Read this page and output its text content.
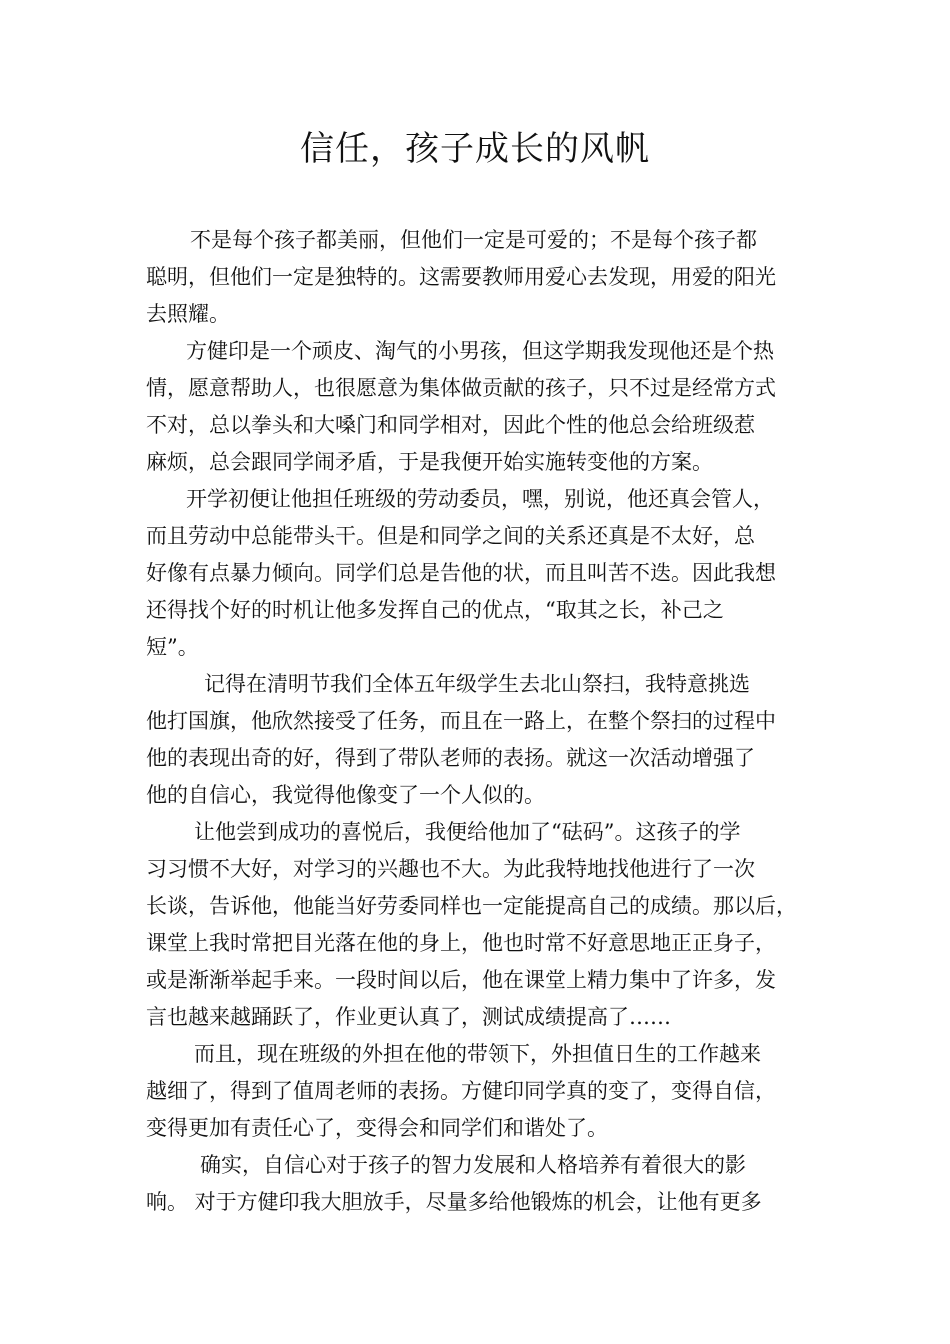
信任，孩子成长的风帆
不是每个孩子都美丽，但他们一定是可爱的；不是每个孩子都
聪明，但他们一定是独特的。这需要教师用爱心去发现，用爱的阳光
去照耀。
方健印是一个顽皮、淘气的小男孩，但这学期我发现他还是个热
情，愿意帮助人，也很愿意为集体做贡献的孩子，只不过是经常方式
不对，总以拳头和大嗓门和同学相对，因此个性的他总会给班级惹
麻烦，总会跟同学闹矛盾，于是我便开始实施转变他的方案。
开学初便让他担任班级的劳动委员，嘿，别说，他还真会管人，
而且劳动中总能带头干。但是和同学之间的关系还真是不太好，总
好像有点暴力倾向。同学们总是告他的状，而且叫苦不迭。因此我想
还得找个好的时机让他多发挥自己的优点，“取其之长，补己之
短”。
记得在清明节我们全体五年级学生去北山祭扫，我特意挑选
他打国旗，他欣然接受了任务，而且在一路上，在整个祭扫的过程中
他的表现出奇的好，得到了带队老师的表扬。就这一次活动增强了
他的自信心，我觉得他像变了一个人似的。
让他尝到成功的喜悦后，我便给他加了“砝码”。这孩子的学
习习惯不大好，对学习的兴趣也不大。为此我特地找他进行了一次
长谈，告诉他，他能当好劳委同样也一定能提高自己的成绩。那以后，
课堂上我时常把目光落在他的身上，他也时常不好意思地正正身子，
或是渐渐举起手来。一段时间以后，他在课堂上精力集中了许多，发
言也越来越踊跃了，作业更认真了，测试成绩提高了……
而且，现在班级的外担在他的带领下，外担值日生的工作越来
越细了，得到了值周老师的表扬。方健印同学真的变了，变得自信，
变得更加有责任心了，变得会和同学们和谐处了。
确实，自信心对于孩子的智力发展和人格培养有着很大的影
响。 对于方健印我大胆放手，尽量多给他锻炼的机会，让他有更多
